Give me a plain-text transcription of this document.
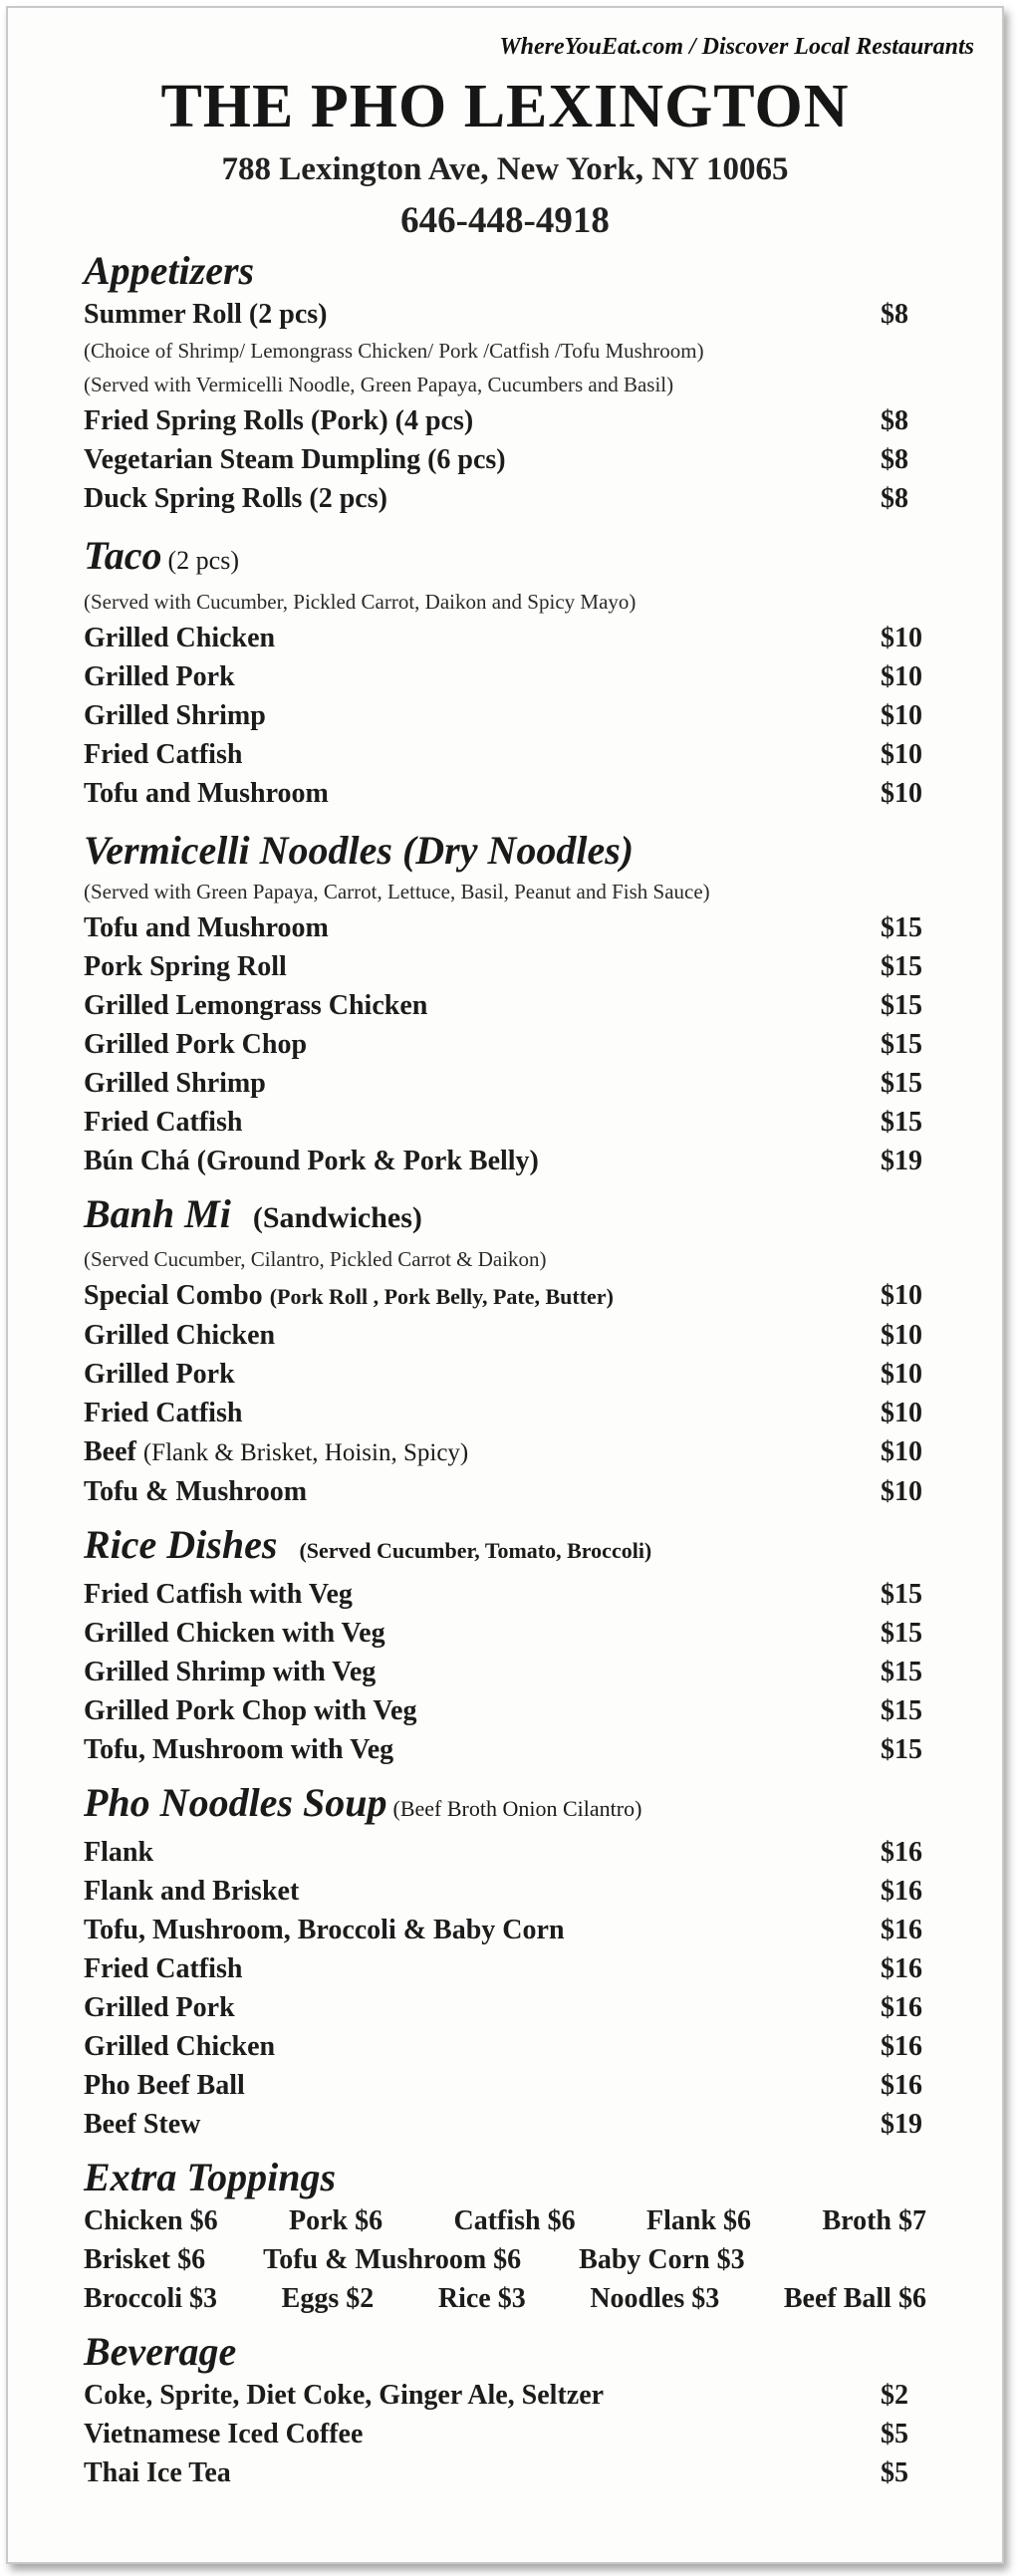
WhereYouEat.com / Discover Local Restaurants
THE PHO LEXINGTON
788 Lexington Ave, New York, NY 10065
646-448-4918
Appetizers
Summer Roll (2 pcs)	$8
(Choice of Shrimp/ Lemongrass Chicken/ Pork /Catfish /Tofu Mushroom)
(Served with Vermicelli Noodle, Green Papaya, Cucumbers and Basil)
Fried Spring Rolls (Pork) (4 pcs)	$8
Vegetarian Steam Dumpling (6 pcs)	$8
Duck Spring Rolls (2 pcs)	$8
Taco (2 pcs)
(Served with Cucumber, Pickled Carrot, Daikon and Spicy Mayo)
Grilled Chicken	$10
Grilled Pork	$10
Grilled Shrimp	$10
Fried Catfish	$10
Tofu and Mushroom	$10
Vermicelli Noodles (Dry Noodles)
(Served with Green Papaya, Carrot, Lettuce, Basil, Peanut and Fish Sauce)
Tofu and Mushroom	$15
Pork Spring Roll	$15
Grilled Lemongrass Chicken	$15
Grilled Pork Chop	$15
Grilled Shrimp	$15
Fried Catfish	$15
Bún Chá (Ground Pork & Pork Belly)	$19
Banh Mi (Sandwiches)
(Served Cucumber, Cilantro, Pickled Carrot & Daikon)
Special Combo (Pork Roll , Pork Belly, Pate, Butter)	$10
Grilled Chicken	$10
Grilled Pork	$10
Fried Catfish	$10
Beef (Flank & Brisket, Hoisin, Spicy)	$10
Tofu & Mushroom	$10
Rice Dishes (Served Cucumber, Tomato, Broccoli)
Fried Catfish with Veg	$15
Grilled Chicken with Veg	$15
Grilled Shrimp with Veg	$15
Grilled Pork Chop with Veg	$15
Tofu, Mushroom with Veg	$15
Pho Noodles Soup (Beef Broth Onion Cilantro)
Flank	$16
Flank and Brisket	$16
Tofu, Mushroom, Broccoli & Baby Corn	$16
Fried Catfish	$16
Grilled Pork	$16
Grilled Chicken	$16
Pho Beef Ball	$16
Beef Stew	$19
Extra Toppings
Chicken $6	Pork $6	Catfish $6	Flank $6	Broth $7
Brisket $6 Tofu & Mushroom $6 Baby Corn $3
Broccoli $3 Eggs $2 Rice $3 Noodles $3 Beef Ball $6
Beverage
Coke, Sprite, Diet Coke, Ginger Ale, Seltzer	$2
Vietnamese Iced Coffee	$5
Thai Ice Tea	$5
